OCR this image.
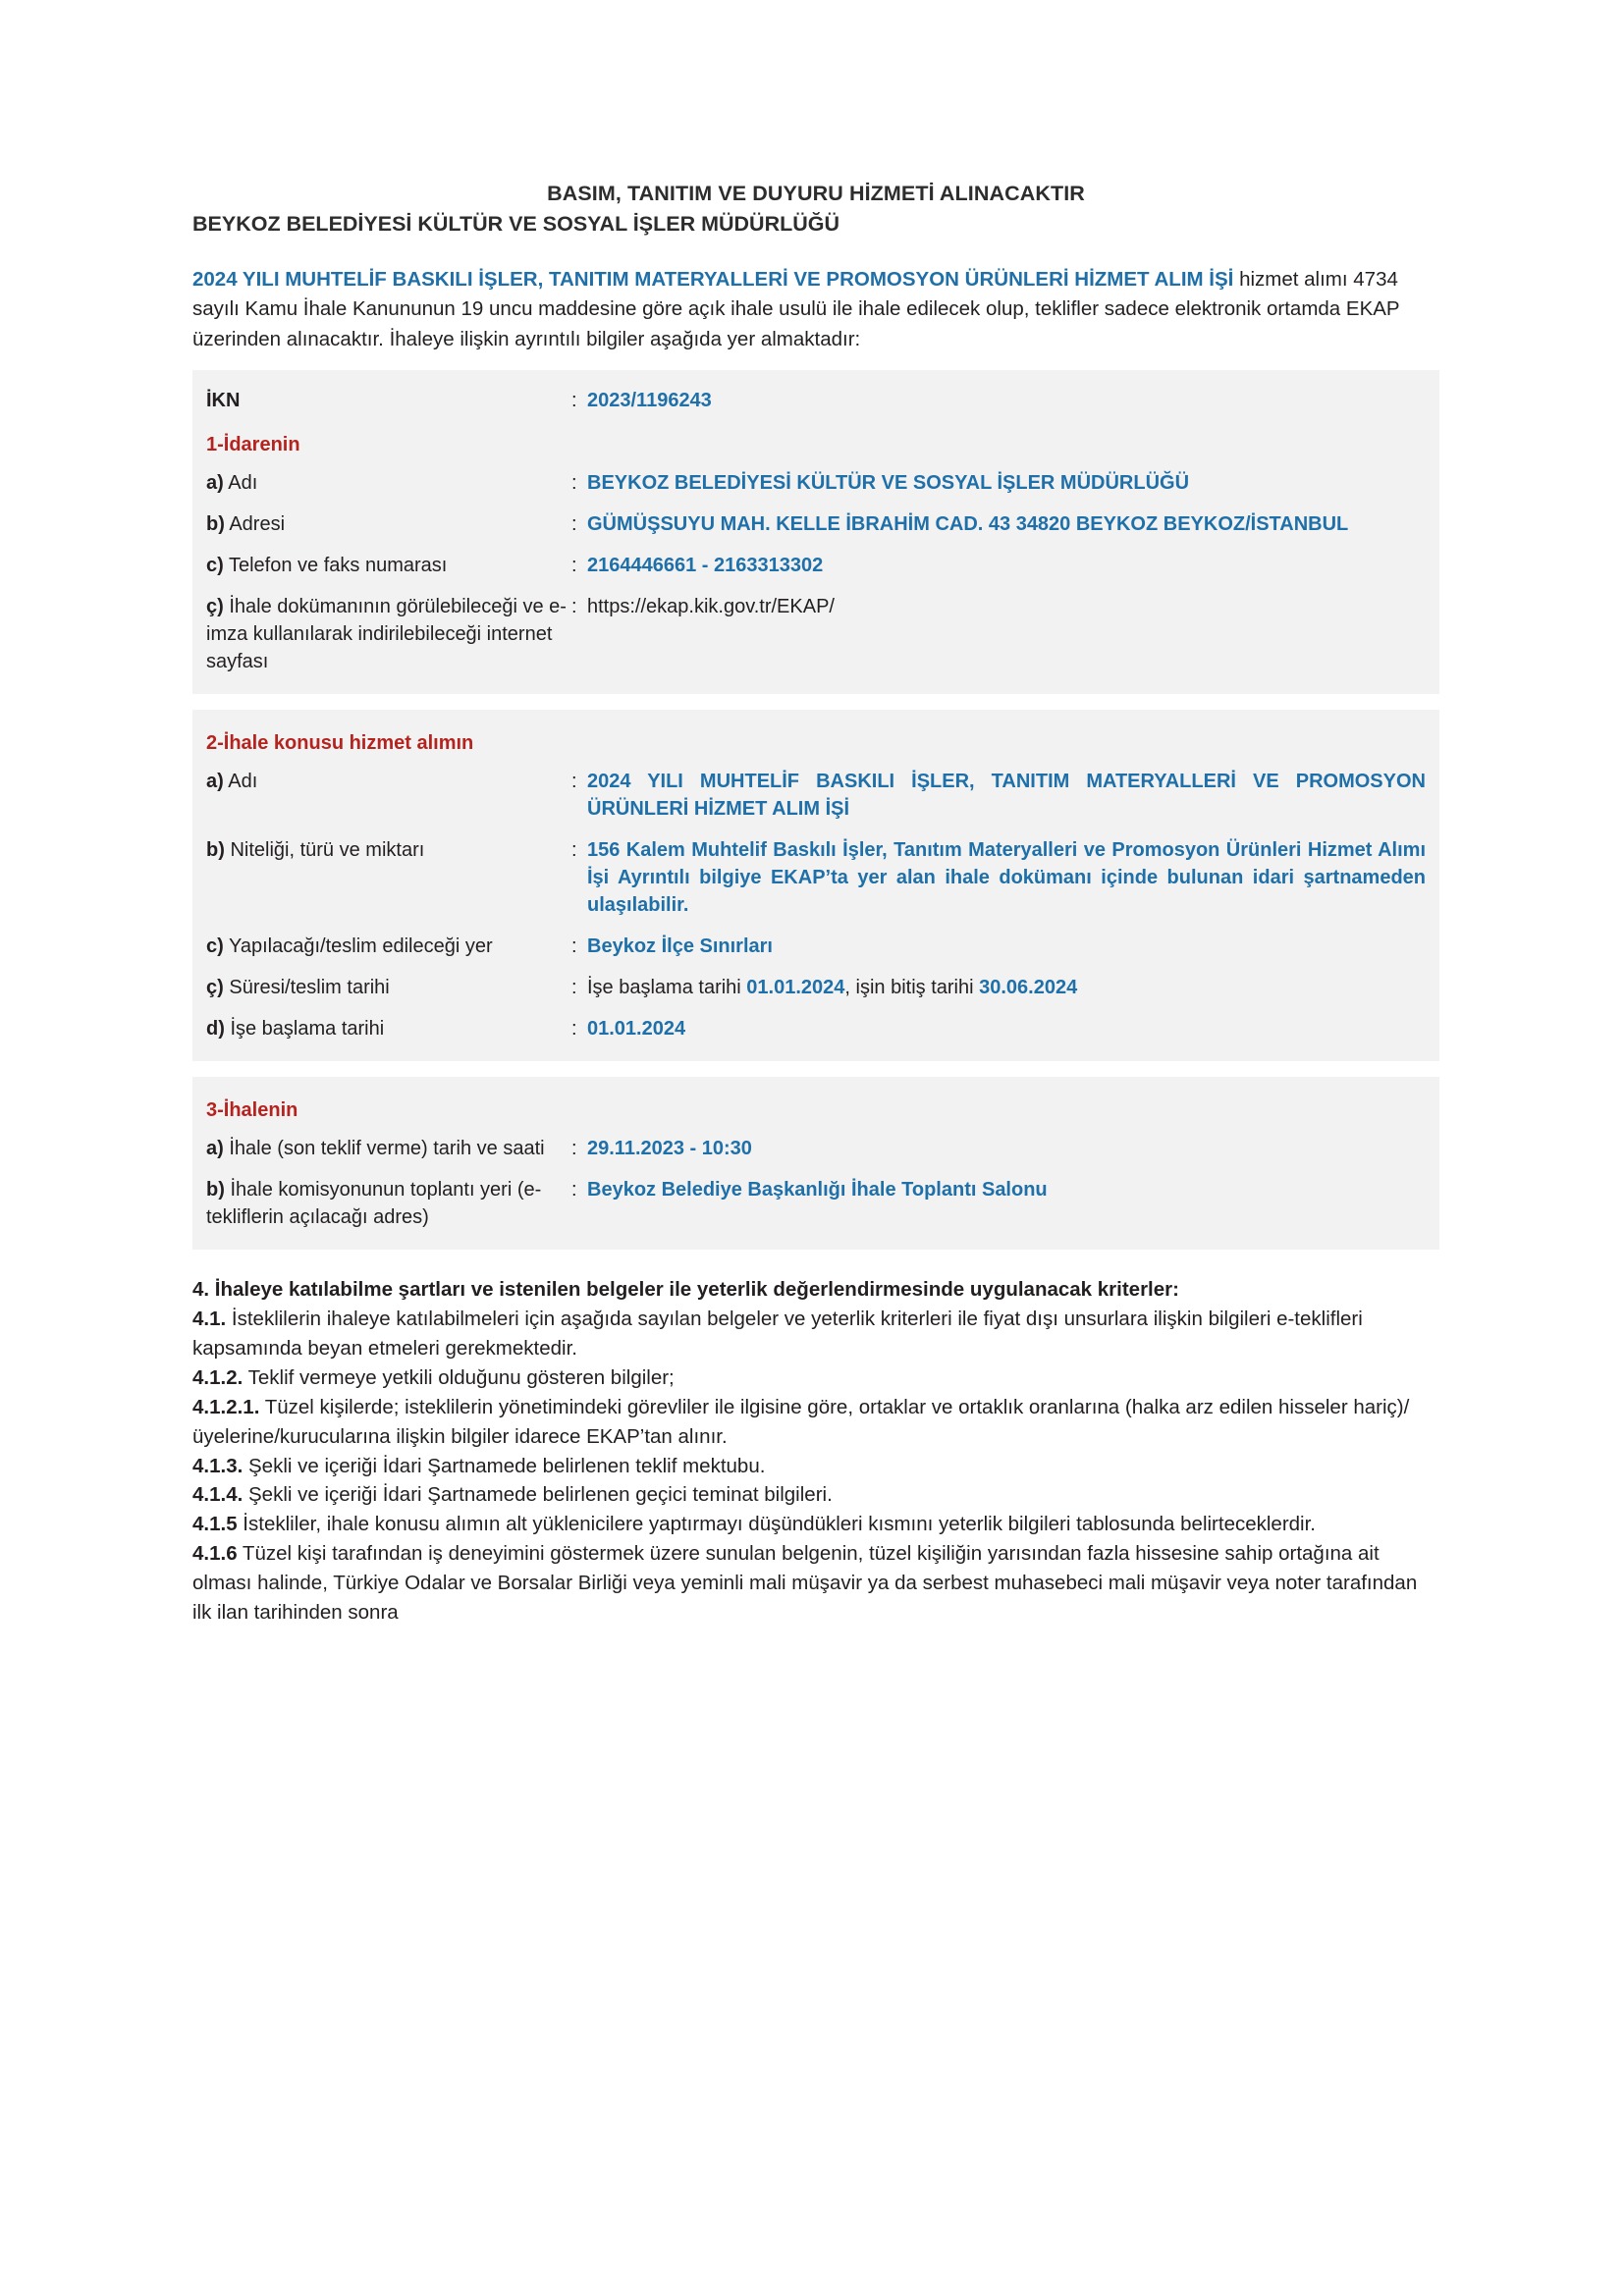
BASIM, TANITIM VE DUYURU HİZMETİ ALINACAKTIR
BEYKOZ BELEDİYESİ KÜLTÜR VE SOSYAL İŞLER MÜDÜRLÜĞÜ
2024 YILI MUHTELİF BASKILI İŞLER, TANITIM MATERYALLERİ VE PROMOSYON ÜRÜNLERİ HİZMET ALIM İŞİ hizmet alımı 4734 sayılı Kamu İhale Kanununun 19 uncu maddesine göre açık ihale usulü ile ihale edilecek olup, teklifler sadece elektronik ortamda EKAP üzerinden alınacaktır. İhaleye ilişkin ayrıntılı bilgiler aşağıda yer almaktadır:
İKN	: 2023/1196243
1-İdarenin
a) Adı	: BEYKOZ BELEDİYESİ KÜLTÜR VE SOSYAL İŞLER MÜDÜRLÜĞÜ
b) Adresi	: GÜMÜŞSUYU MAH. KELLE İBRAHİM CAD. 43 34820 BEYKOZ BEYKOZ/İSTANBUL
c) Telefon ve faks numarası	: 2164446661 - 2163313302
ç) İhale dokümanının görülebileceği ve e-imza kullanılarak indirilebileceği internet sayfası
: https://ekap.kik.gov.tr/EKAP/
2-İhale konusu hizmet alımın
a) Adı	: 2024 YILI MUHTELİF BASKILI İŞLER, TANITIM MATERYALLERİ VE PROMOSYON ÜRÜNLERİ HİZMET ALIM İŞİ
b) Niteliği, türü ve miktarı	: 156 Kalem Muhtelif Baskılı İşler, Tanıtım Materyalleri ve Promosyon Ürünleri Hizmet Alımı İşi Ayrıntılı bilgiye EKAP’ta yer alan ihale dokümanı içinde bulunan idari şartnameden ulaşılabilir.
c) Yapılacağı/teslim edileceği yer	: Beykoz İlçe Sınırları
ç) Süresi/teslim tarihi	: İşe başlama tarihi 01.01.2024, işin bitiş tarihi 30.06.2024
d) İşe başlama tarihi	: 01.01.2024
3-İhalenin
a) İhale (son teklif verme) tarih ve saati	: 29.11.2023 - 10:30
b) İhale komisyonunun toplantı yeri (e-tekliflerin açılacağı adres)
: Beykoz Belediye Başkanlığı İhale Toplantı Salonu

4. İhaleye katılabilme şartları ve istenilen belgeler ile yeterlik değerlendirmesinde uygulanacak kriterler:

4.1. İsteklilerin ihaleye katılabilmeleri için aşağıda sayılan belgeler ve yeterlik kriterleri ile fiyat dışı unsurlara ilişkin bilgileri e-teklifleri kapsamında beyan etmeleri gerekmektedir.

4.1.2. Teklif vermeye yetkili olduğunu gösteren bilgiler;

4.1.2.1. Tüzel kişilerde; isteklilerin yönetimindeki görevliler ile ilgisine göre, ortaklar ve ortaklık oranlarına (halka arz edilen hisseler hariç)/üyelerine/kurucularına ilişkin bilgiler idarece EKAP’tan alınır.

4.1.3. Şekli ve içeriği İdari Şartnamede belirlenen teklif mektubu.

4.1.4. Şekli ve içeriği İdari Şartnamede belirlenen geçici teminat bilgileri.

4.1.5 İstekliler, ihale konusu alımın alt yüklenicilere yaptırmayı düşündükleri kısmını yeterlik bilgileri tablosunda belirteceklerdir.

4.1.6 Tüzel kişi tarafından iş deneyimini göstermek üzere sunulan belgenin, tüzel kişiliğin yarısından fazla hissesine sahip ortağına ait olması halinde, Türkiye Odalar ve Borsalar Birliği veya yeminli mali müşavir ya da serbest muhasebeci mali müşavir veya noter tarafından ilk ilan tarihinden sonra
